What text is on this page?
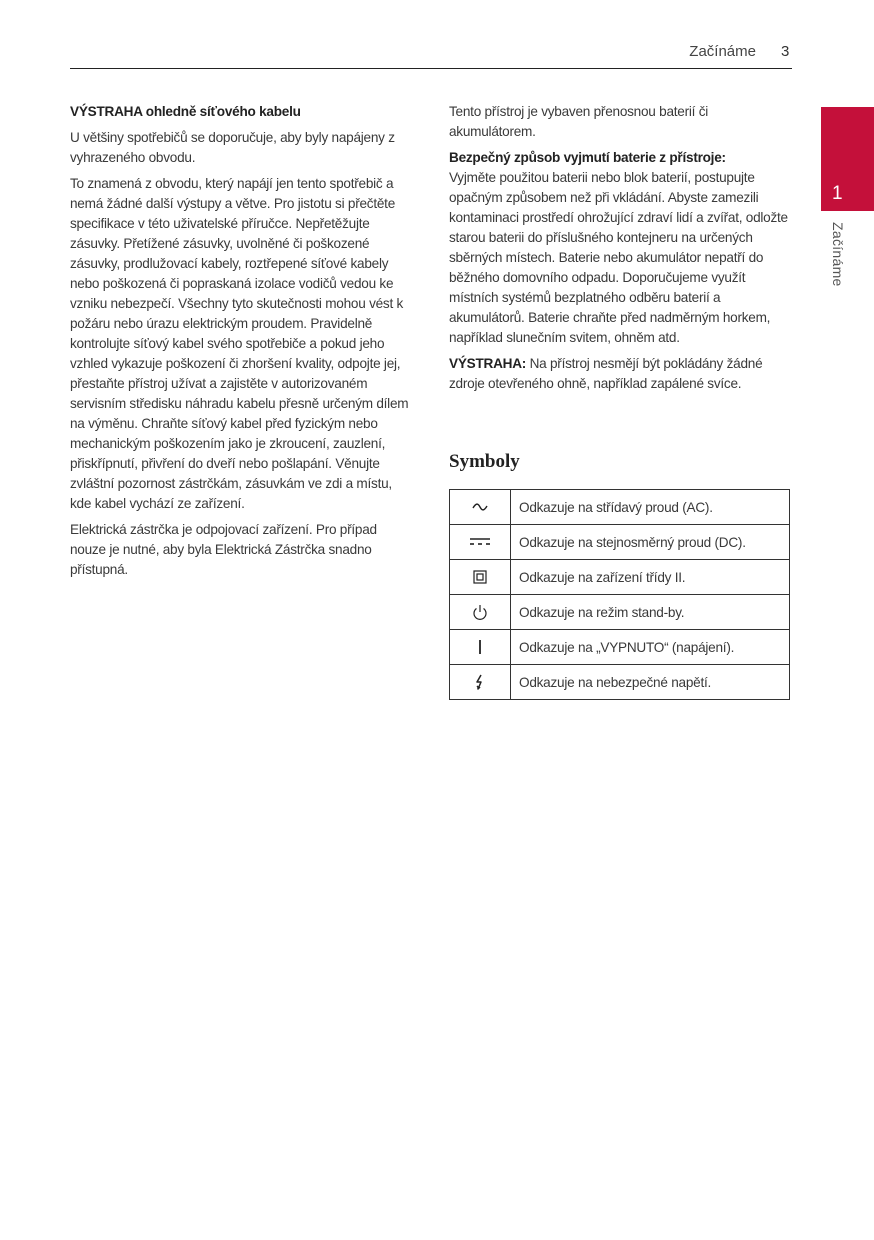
Začínáme 3
1
Začínáme

VÝSTRAHA ohledně síťového kabelu

U většiny spotřebičů se doporučuje, aby byly napájeny z vyhrazeného obvodu.

To znamená z obvodu, který napájí jen tento spotřebič a nemá žádné další výstupy a větve. Pro jistotu si přečtěte specifikace v této uživatelské příručce. Nepřetěžujte zásuvky. Přetížené zásuvky, uvolněné či poškozené zásuvky, prodlužovací kabely, roztřepené síťové kabely nebo poškozená či popraskaná izolace vodičů vedou ke vzniku nebezpečí. Všechny tyto skutečnosti mohou vést k požáru nebo úrazu elektrickým proudem. Pravidelně kontrolujte síťový kabel svého spotřebiče a pokud jeho vzhled vykazuje poškození či zhoršení kvality, odpojte jej, přestaňte přístroj užívat a zajistěte v autorizovaném servisním středisku náhradu kabelu přesně určeným dílem na výměnu. Chraňte síťový kabel před fyzickým nebo mechanickým poškozením jako je zkroucení, zauzlení, přiskřípnutí, přivření do dveří nebo pošlapání. Věnujte zvláštní pozornost zástrčkám, zásuvkám ve zdi a místu, kde kabel vychází ze zařízení.

Elektrická zástrčka je odpojovací zařízení. Pro případ nouze je nutné, aby byla Elektrická Zástrčka snadno přístupná.

Tento přístroj je vybaven přenosnou baterií či akumulátorem.

Bezpečný způsob vyjmutí baterie z přístroje:
Vyjměte použitou baterii nebo blok baterií, postupujte opačným způsobem než při vkládání. Abyste zamezili kontaminaci prostředí ohrožující zdraví lidí a zvířat, odložte starou baterii do příslušného kontejneru na určených sběrných místech. Baterie nebo akumulátor nepatří do běžného domovního odpadu. Doporučujeme využít místních systémů bezplatného odběru baterií a akumulátorů. Baterie chraňte před nadměrným horkem, například slunečním svitem, ohněm atd.

VÝSTRAHA: Na přístroj nesmějí být pokládány žádné zdroje otevřeného ohně, například zapálené svíce.

Symboly
	Odkazuje na střídavý proud (AC).

	Odkazuje na stejnosměrný proud (DC).

	Odkazuje na zařízení třídy II.

	Odkazuje na režim stand-by.

	Odkazuje na „VYPNUTO“ (napájení).

	Odkazuje na nebezpečné napětí.
